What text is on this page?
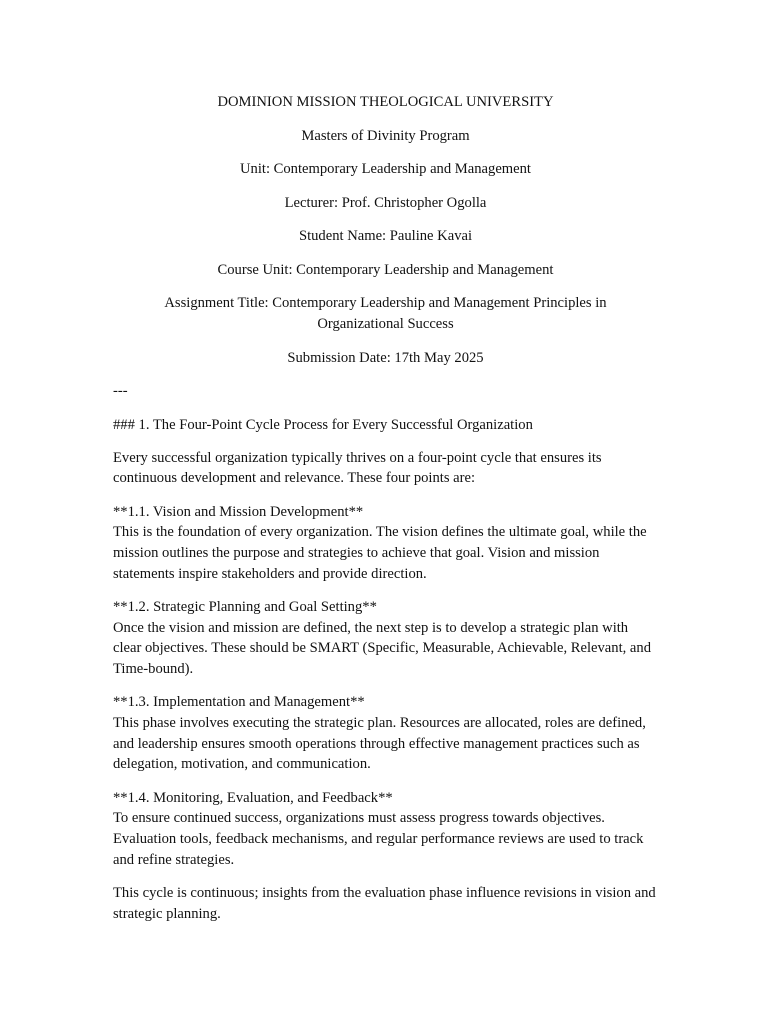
DOMINION MISSION THEOLOGICAL UNIVERSITY

Masters of Divinity Program

Unit: Contemporary Leadership and Management

Lecturer: Prof. Christopher Ogolla

Student Name: Pauline Kavai

Course Unit: Contemporary Leadership and Management

Assignment Title: Contemporary Leadership and Management Principles in Organizational Success

Submission Date: 17th May 2025

---

### 1. The Four-Point Cycle Process for Every Successful Organization

Every successful organization typically thrives on a four-point cycle that ensures its continuous development and relevance. These four points are:

**1.1. Vision and Mission Development**
This is the foundation of every organization. The vision defines the ultimate goal, while the mission outlines the purpose and strategies to achieve that goal. Vision and mission statements inspire stakeholders and provide direction.

**1.2. Strategic Planning and Goal Setting**
Once the vision and mission are defined, the next step is to develop a strategic plan with clear objectives. These should be SMART (Specific, Measurable, Achievable, Relevant, and Time-bound).

**1.3. Implementation and Management**
This phase involves executing the strategic plan. Resources are allocated, roles are defined, and leadership ensures smooth operations through effective management practices such as delegation, motivation, and communication.

**1.4. Monitoring, Evaluation, and Feedback**
To ensure continued success, organizations must assess progress towards objectives. Evaluation tools, feedback mechanisms, and regular performance reviews are used to track and refine strategies.

This cycle is continuous; insights from the evaluation phase influence revisions in vision and strategic planning.
